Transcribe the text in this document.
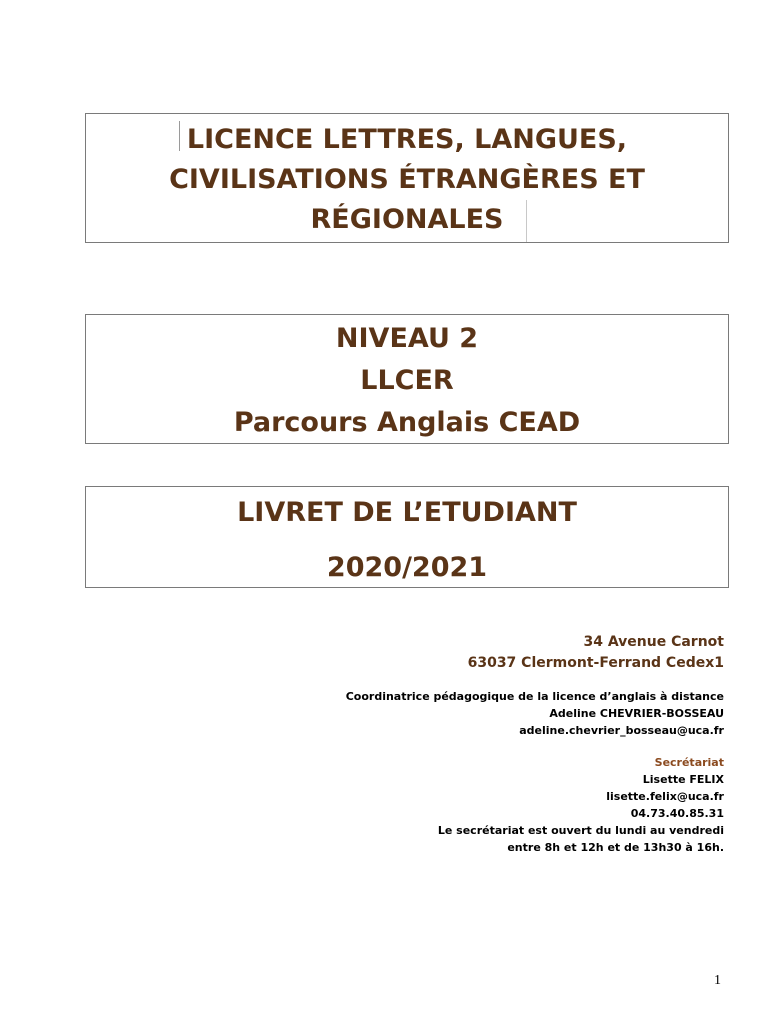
LICENCE LETTRES, LANGUES,
CIVILISATIONS ÉTRANGÈRES ET
RÉGIONALES
NIVEAU 2
LLCER
Parcours Anglais CEAD
LIVRET DE L’ETUDIANT
2020/2021
34 Avenue Carnot
63037 Clermont-Ferrand Cedex1
Coordinatrice pédagogique de la licence d’anglais à distance
Adeline CHEVRIER-BOSSEAU
adeline.chevrier_bosseau@uca.fr
Secrétariat
Lisette FELIX
lisette.felix@uca.fr
04.73.40.85.31
Le secrétariat est ouvert du lundi au vendredi
entre 8h et 12h et de 13h30 à 16h.
1
